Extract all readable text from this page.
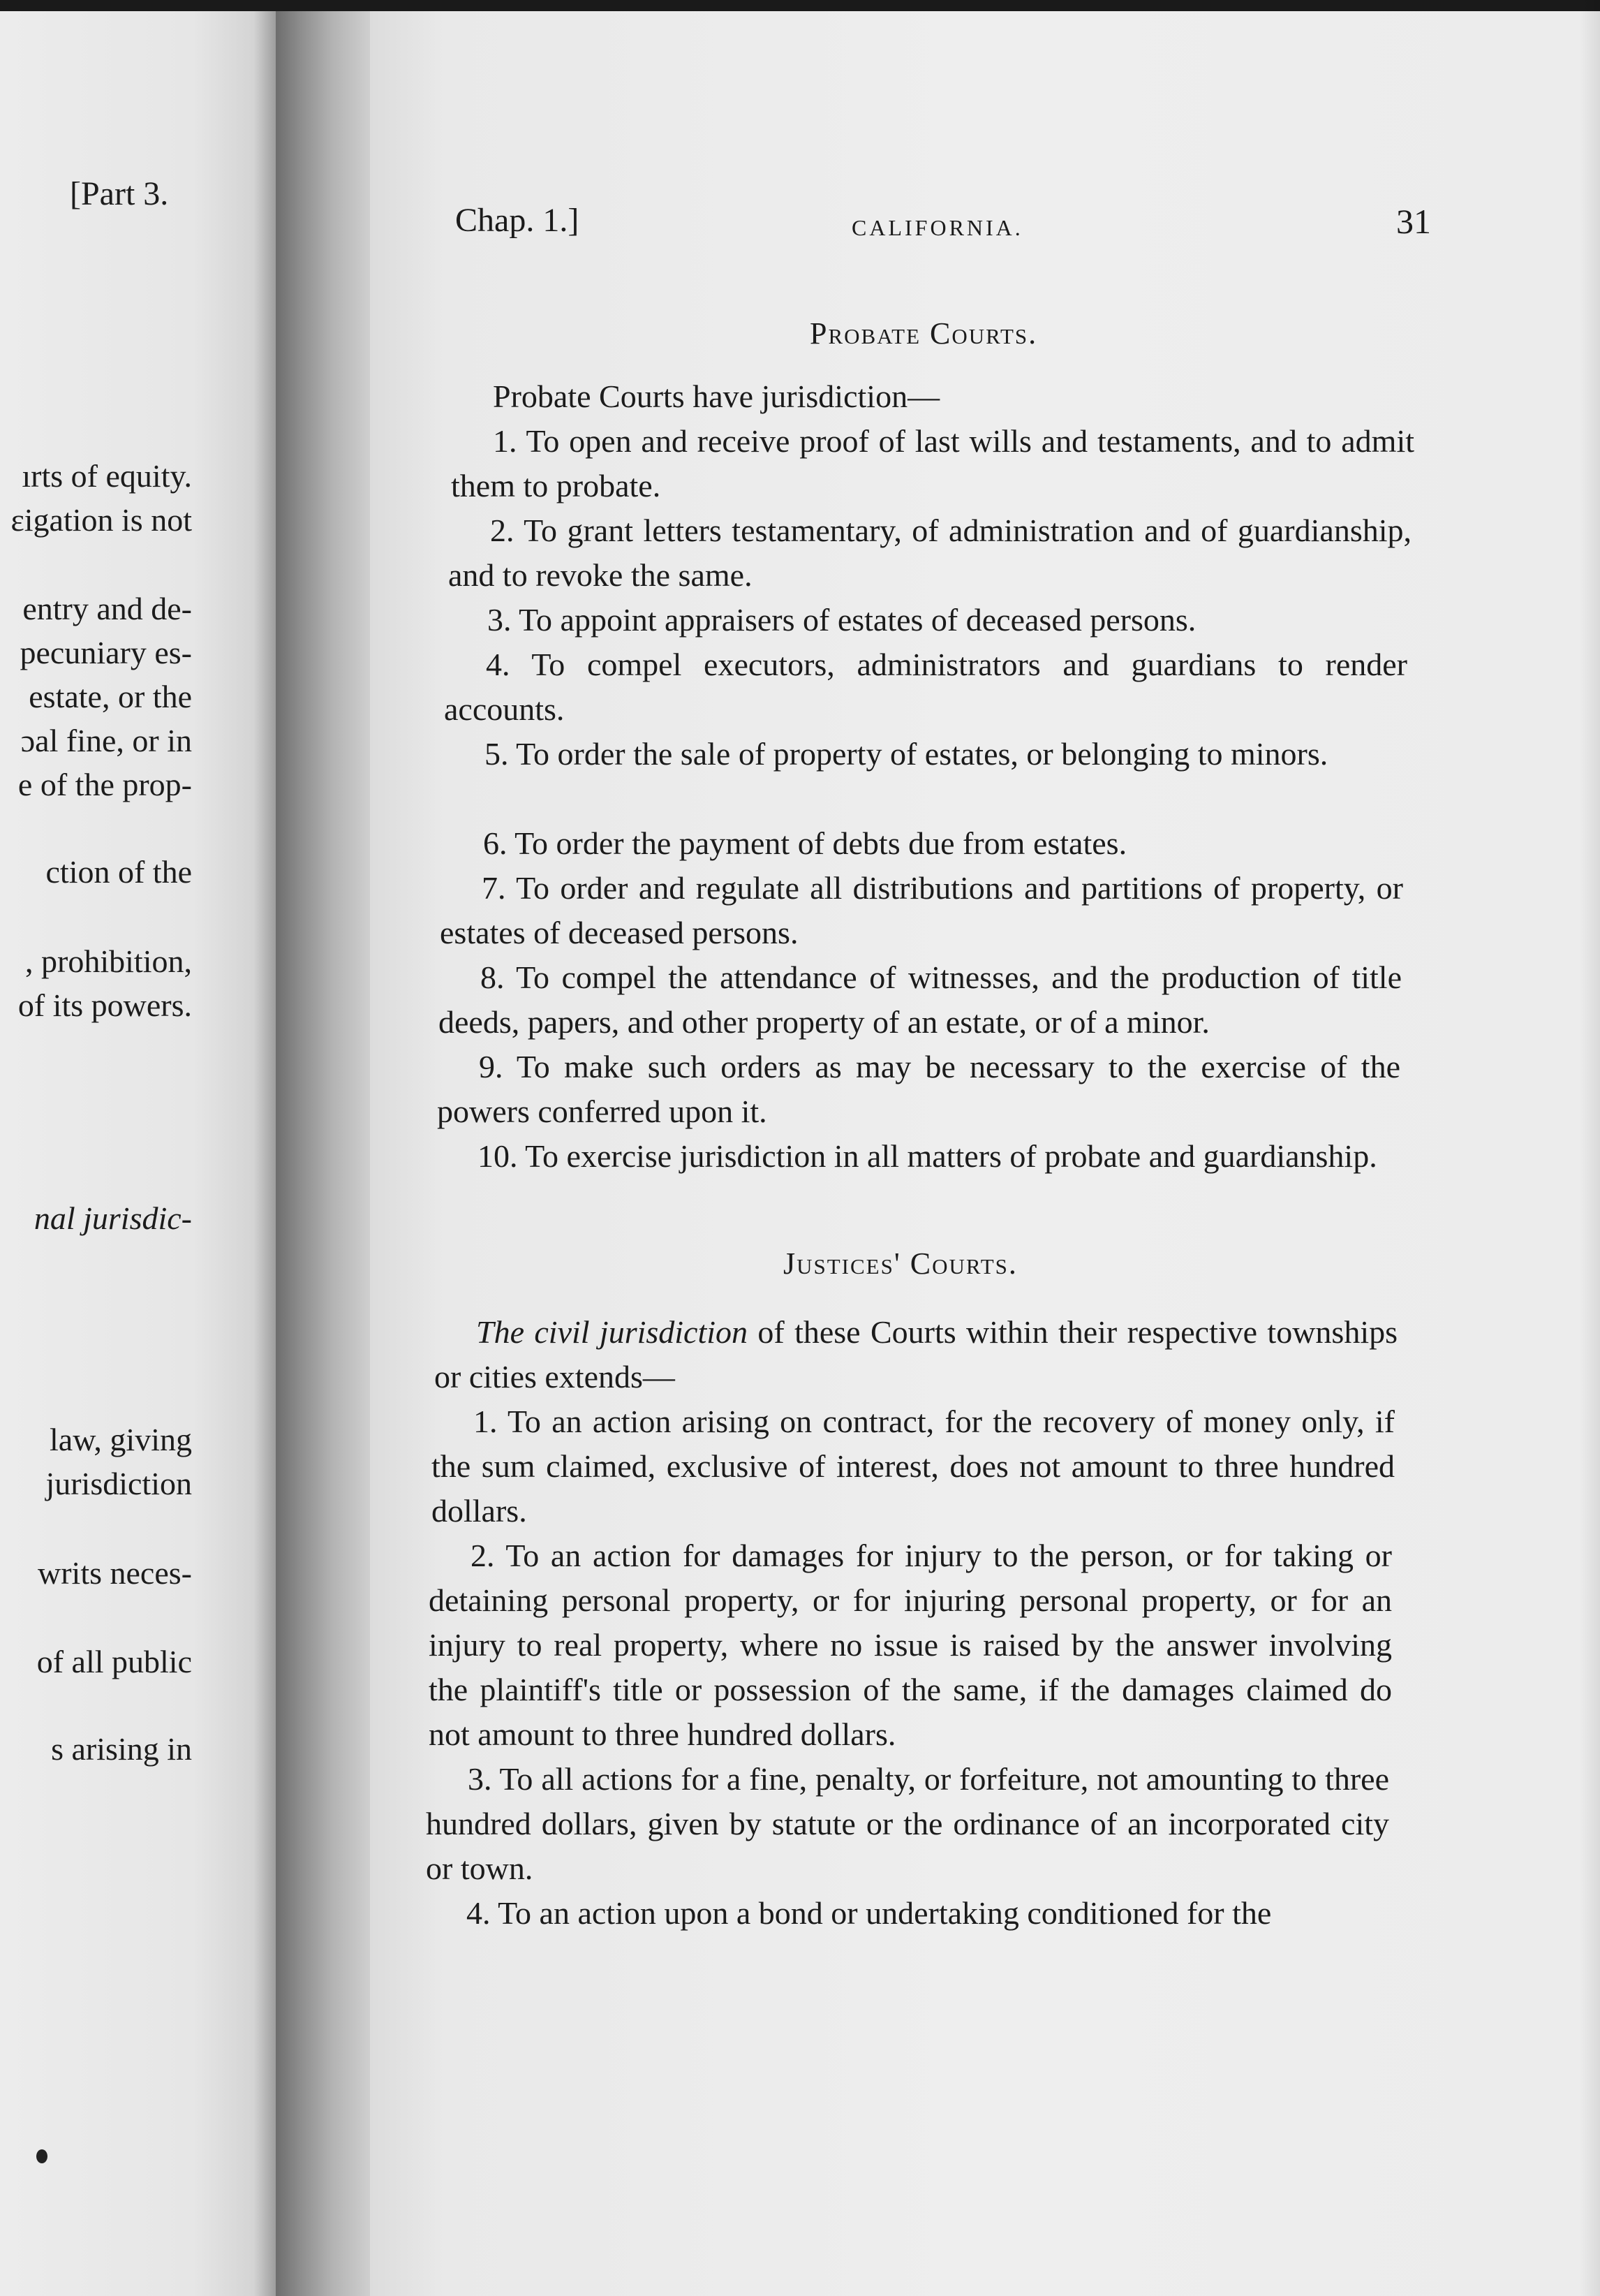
[Part 3.
ırts of equity.
ɛigation is not
entry and de-
pecuniary es-
estate, or the
ɔal fine, or in
e of the prop-
ction of the
, prohibition,
of its powers.
nal jurisdic-
law, giving
jurisdiction
writs neces-
of all public
s arising in
Chap. 1.]	CALIFORNIA.	31
Probate Courts.
Probate Courts have jurisdiction—
1. To open and receive proof of last wills and testaments, and to admit them to probate.
2. To grant letters testamentary, of administration and of guardianship, and to revoke the same.
3. To appoint appraisers of estates of deceased persons.
4. To compel executors, administrators and guardians to render accounts.
5. To order the sale of property of estates, or belonging to minors.
6. To order the payment of debts due from estates.
7. To order and regulate all distributions and partitions of property, or estates of deceased persons.
8. To compel the attendance of witnesses, and the production of title deeds, papers, and other property of an estate, or of a minor.
9. To make such orders as may be necessary to the exercise of the powers conferred upon it.
10. To exercise jurisdiction in all matters of probate and guardianship.
Justices' Courts.
The civil jurisdiction of these Courts within their respective townships or cities extends—
1. To an action arising on contract, for the recovery of money only, if the sum claimed, exclusive of interest, does not amount to three hundred dollars.
2. To an action for damages for injury to the person, or for taking or detaining personal property, or for injuring personal property, or for an injury to real property, where no issue is raised by the answer involving the plaintiff's title or possession of the same, if the damages claimed do not amount to three hundred dollars.
3. To all actions for a fine, penalty, or forfeiture, not amounting to three hundred dollars, given by statute or the ordinance of an incorporated city or town.
4. To an action upon a bond or undertaking conditioned for the
